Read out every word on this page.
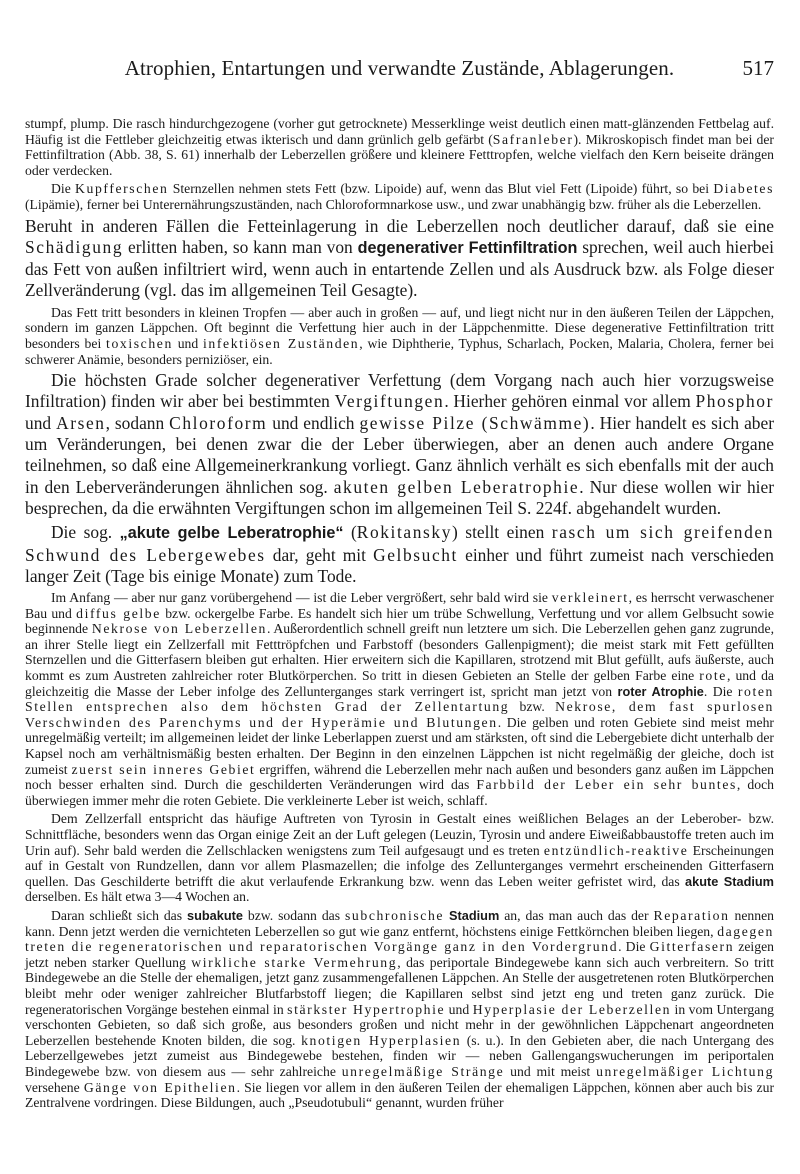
Atrophien, Entartungen und verwandte Zustände, Ablagerungen.	517

stumpf, plump. Die rasch hindurchgezogene (vorher gut getrocknete) Messerklinge weist deutlich einen matt-glänzenden Fettbelag auf. Häufig ist die Fettleber gleichzeitig etwas ikterisch und dann grünlich gelb gefärbt (Safranleber). Mikroskopisch findet man bei der Fettinfiltration (Abb. 38, S. 61) innerhalb der Leberzellen größere und kleinere Fetttropfen, welche vielfach den Kern beiseite drängen oder verdecken.

Die Kupfferschen Sternzellen nehmen stets Fett (bzw. Lipoide) auf, wenn das Blut viel Fett (Lipoide) führt, so bei Diabetes (Lipämie), ferner bei Unterernährungszuständen, nach Chloroformnarkose usw., und zwar unabhängig bzw. früher als die Leberzellen.

Beruht in anderen Fällen die Fetteinlagerung in die Leberzellen noch deutlicher darauf, daß sie eine Schädigung erlitten haben, so kann man von degenerativer Fettinfiltration sprechen, weil auch hierbei das Fett von außen infiltriert wird, wenn auch in entartende Zellen und als Ausdruck bzw. als Folge dieser Zellveränderung (vgl. das im allgemeinen Teil Gesagte).

Das Fett tritt besonders in kleinen Tropfen — aber auch in großen — auf, und liegt nicht nur in den äußeren Teilen der Läppchen, sondern im ganzen Läppchen. Oft beginnt die Verfettung hier auch in der Läppchenmitte. Diese degenerative Fettinfiltration tritt besonders bei toxischen und infektiösen Zuständen, wie Diphtherie, Typhus, Scharlach, Pocken, Malaria, Cholera, ferner bei schwerer Anämie, besonders perniziöser, ein.

Die höchsten Grade solcher degenerativer Verfettung (dem Vorgang nach auch hier vorzugsweise Infiltration) finden wir aber bei bestimmten Vergiftungen. Hierher gehören einmal vor allem Phosphor und Arsen, sodann Chloroform und endlich gewisse Pilze (Schwämme). Hier handelt es sich aber um Veränderungen, bei denen zwar die der Leber überwiegen, aber an denen auch andere Organe teilnehmen, so daß eine Allgemeinerkrankung vorliegt. Ganz ähnlich verhält es sich ebenfalls mit der auch in den Leberveränderungen ähnlichen sog. akuten gelben Leberatrophie. Nur diese wollen wir hier besprechen, da die erwähnten Vergiftungen schon im allgemeinen Teil S. 224f. abgehandelt wurden.

Die sog. „akute gelbe Leberatrophie“ (Rokitansky) stellt einen rasch um sich greifenden Schwund des Lebergewebes dar, geht mit Gelbsucht einher und führt zumeist nach verschieden langer Zeit (Tage bis einige Monate) zum Tode.

Im Anfang — aber nur ganz vorübergehend — ist die Leber vergrößert, sehr bald wird sie verkleinert, es herrscht verwaschener Bau und diffus gelbe bzw. ockergelbe Farbe. Es handelt sich hier um trübe Schwellung, Verfettung und vor allem Gelbsucht sowie beginnende Nekrose von Leberzellen. Außerordentlich schnell greift nun letztere um sich. Die Leberzellen gehen ganz zugrunde, an ihrer Stelle liegt ein Zellzerfall mit Fetttröpfchen und Farbstoff (besonders Gallenpigment); die meist stark mit Fett gefüllten Sternzellen und die Gitterfasern bleiben gut erhalten. Hier erweitern sich die Kapillaren, strotzend mit Blut gefüllt, aufs äußerste, auch kommt es zum Austreten zahlreicher roter Blutkörperchen. So tritt in diesen Gebieten an Stelle der gelben Farbe eine rote, und da gleichzeitig die Masse der Leber infolge des Zellunterganges stark verringert ist, spricht man jetzt von roter Atrophie. Die roten Stellen entsprechen also dem höchsten Grad der Zellentartung bzw. Nekrose, dem fast spurlosen Verschwinden des Parenchyms und der Hyperämie und Blutungen. Die gelben und roten Gebiete sind meist mehr unregelmäßig verteilt; im allgemeinen leidet der linke Leberlappen zuerst und am stärksten, oft sind die Lebergebiete dicht unterhalb der Kapsel noch am verhältnismäßig besten erhalten. Der Beginn in den einzelnen Läppchen ist nicht regelmäßig der gleiche, doch ist zumeist zuerst sein inneres Gebiet ergriffen, während die Leberzellen mehr nach außen und besonders ganz außen im Läppchen noch besser erhalten sind. Durch die geschilderten Veränderungen wird das Farbbild der Leber ein sehr buntes, doch überwiegen immer mehr die roten Gebiete. Die verkleinerte Leber ist weich, schlaff.

Dem Zellzerfall entspricht das häufige Auftreten von Tyrosin in Gestalt eines weißlichen Belages an der Leberober- bzw. Schnittfläche, besonders wenn das Organ einige Zeit an der Luft gelegen (Leuzin, Tyrosin und andere Eiweißabbaustoffe treten auch im Urin auf). Sehr bald werden die Zellschlacken wenigstens zum Teil aufgesaugt und es treten entzündlich-reaktive Erscheinungen auf in Gestalt von Rundzellen, dann vor allem Plasmazellen; die infolge des Zellunterganges vermehrt erscheinenden Gitterfasern quellen. Das Geschilderte betrifft die akut verlaufende Erkrankung bzw. wenn das Leben weiter gefristet wird, das akute Stadium derselben. Es hält etwa 3—4 Wochen an.

Daran schließt sich das subakute bzw. sodann das subchronische Stadium an, das man auch das der Reparation nennen kann. Denn jetzt werden die vernichteten Leberzellen so gut wie ganz entfernt, höchstens einige Fettkörnchen bleiben liegen, dagegen treten die regeneratorischen und reparatorischen Vorgänge ganz in den Vordergrund. Die Gitterfasern zeigen jetzt neben starker Quellung wirkliche starke Vermehrung, das periportale Bindegewebe kann sich auch verbreitern. So tritt Bindegewebe an die Stelle der ehemaligen, jetzt ganz zusammengefallenen Läppchen. An Stelle der ausgetretenen roten Blutkörperchen bleibt mehr oder weniger zahlreicher Blutfarbstoff liegen; die Kapillaren selbst sind jetzt eng und treten ganz zurück. Die regeneratorischen Vorgänge bestehen einmal in stärkster Hypertrophie und Hyperplasie der Leberzellen in vom Untergang verschonten Gebieten, so daß sich große, aus besonders großen und nicht mehr in der gewöhnlichen Läppchenart angeordneten Leberzellen bestehende Knoten bilden, die sog. knotigen Hyperplasien (s. u.). In den Gebieten aber, die nach Untergang des Leberzellgewebes jetzt zumeist aus Bindegewebe bestehen, finden wir — neben Gallengangswucherungen im periportalen Bindegewebe bzw. von diesem aus — sehr zahlreiche unregelmäßige Stränge und mit meist unregelmäßiger Lichtung versehene Gänge von Epithelien. Sie liegen vor allem in den äußeren Teilen der ehemaligen Läppchen, können aber auch bis zur Zentralvene vordringen. Diese Bildungen, auch „Pseudotubuli“ genannt, wurden früher
